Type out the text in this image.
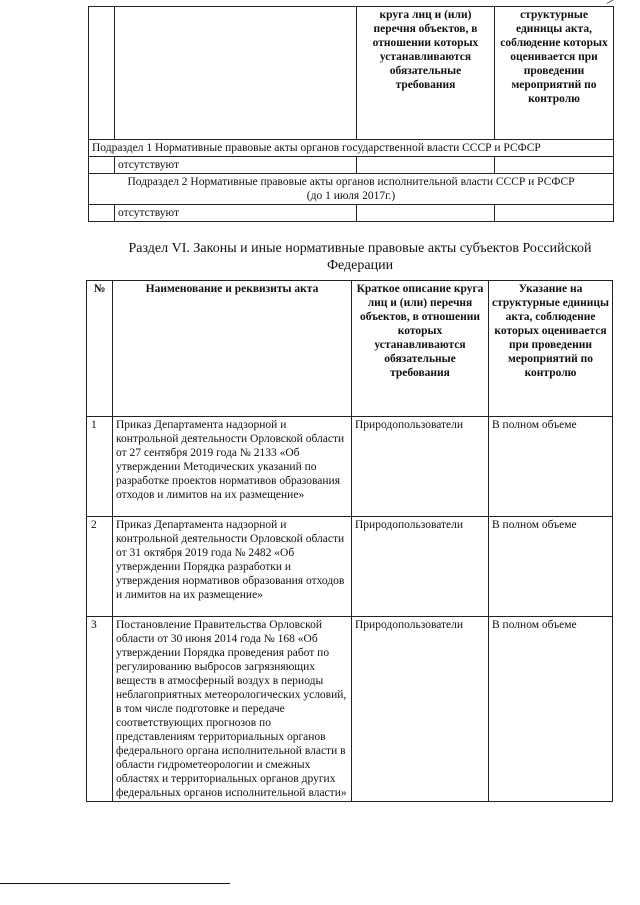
		круга лиц и (или) перечня объектов, в отношении которых устанавливаются обязательные требования	структурные единицы акта, соблюдение которых оценивается при проведении мероприятий по контролю
Подраздел 1 Нормативные правовые акты органов государственной власти СССР и РСФСР			
	отсутствуют		

Подраздел 2 Нормативные правовые акты органов исполнительной власти СССР и РСФСР
(до 1 июля 2017г.)			

	отсутствуют		
Раздел VI. Законы и иные нормативные правовые акты субъектов Российской Федерации
№	Наименование и реквизиты акта	Краткое описание круга лиц и (или) перечня объектов, в отношении которых устанавливаются обязательные требования	Указание на структурные единицы акта, соблюдение которых оценивается при проведении мероприятий по контролю
1	Приказ Департамента надзорной и контрольной деятельности Орловской области от 27 сентября 2019 года № 2133 «Об утверждении Методических указаний по разработке проектов нормативов образования отходов и лимитов на их размещение»	Природопользователи	В полном объеме
2	Приказ Департамента надзорной и контрольной деятельности Орловской области от 31 октября 2019 года № 2482 «Об утверждении Порядка разработки и утверждения нормативов образования отходов и лимитов на их размещение»	Природопользователи	В полном объеме
3	Постановление Правительства Орловской области от 30 июня 2014 года № 168 «Об утверждении Порядка проведения работ по регулированию выбросов загрязняющих веществ в атмосферный воздух в периоды неблагоприятных метеорологических условий, в том числе подготовке и передаче соответствующих прогнозов по представлениям территориальных органов федерального органа исполнительной власти в области гидрометеорологии и смежных областях и территориальных органов других федеральных органов исполнительной власти»	Природопользователи	В полном объеме
